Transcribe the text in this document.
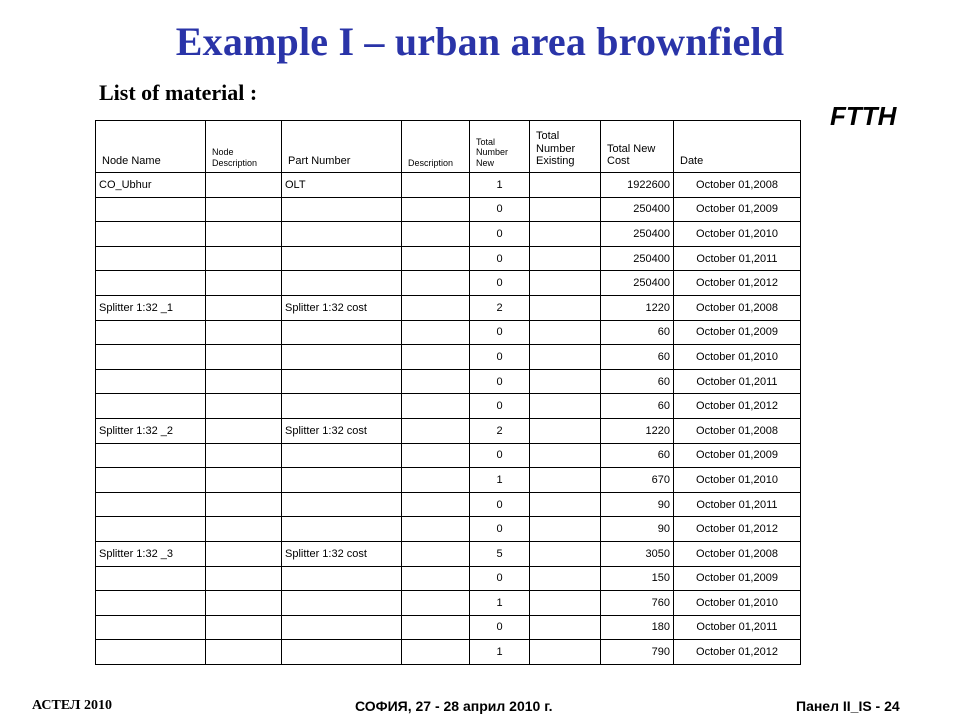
Example I – urban area brownfield
List of material :
FTTH
Node Name	Node Description	Part Number	Description	Total Number New	Total Number Existing	Total New Cost	Date
CO_Ubhur		OLT		1		1922600	October 01,2008
				0		250400	October 01,2009
				0		250400	October 01,2010
				0		250400	October 01,2011
				0		250400	October 01,2012
Splitter 1:32 _1		Splitter 1:32 cost		2		1220	October 01,2008
				0		60	October 01,2009
				0		60	October 01,2010
				0		60	October 01,2011
				0		60	October 01,2012
Splitter 1:32 _2		Splitter 1:32 cost		2		1220	October 01,2008
				0		60	October 01,2009
				1		670	October 01,2010
				0		90	October 01,2011
				0		90	October 01,2012
Splitter 1:32 _3		Splitter 1:32 cost		5		3050	October 01,2008
				0		150	October 01,2009
				1		760	October 01,2010
				0		180	October 01,2011
				1		790	October 01,2012
АСТЕЛ 2010	СОФИЯ, 27 - 28 април 2010 г.	Панел II_IS - 24
